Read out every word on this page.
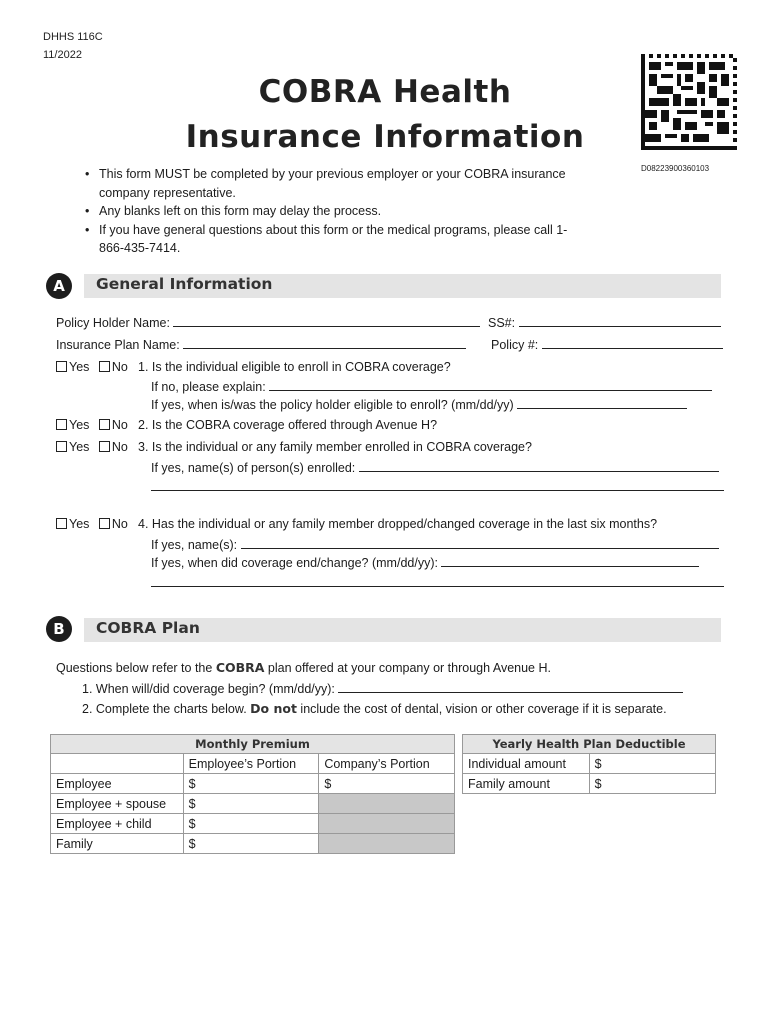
DHHS 116C
11/2022
COBRA Health
Insurance Information
D08223900360103
• This form MUST be completed by your previous employer or your COBRA insurance company representative.
• Any blanks left on this form may delay the process.
• If you have general questions about this form or the medical programs, please call 1-866-435-7414.
A	General Information
Policy Holder Name:	SS#:
Insurance Plan Name:	Policy #:
Yes No 1. Is the individual eligible to enroll in COBRA coverage?
If no, please explain:
If yes, when is/was the policy holder eligible to enroll? (mm/dd/yy)
Yes No 2. Is the COBRA coverage offered through Avenue H?
Yes No 3. Is the individual or any family member enrolled in COBRA coverage?
If yes, name(s) of person(s) enrolled:
Yes No 4. Has the individual or any family member dropped/changed coverage in the last six months?
If yes, name(s):
If yes, when did coverage end/change? (mm/dd/yy):
B	COBRA Plan
Questions below refer to the COBRA plan offered at your company or through Avenue H.
1. When will/did coverage begin? (mm/dd/yy):
2. Complete the charts below. Do not include the cost of dental, vision or other coverage if it is separate.
Monthly Premium		
	Employee’s Portion	Company’s Portion
Employee	$	$
Employee + spouse	$	
Employee + child	$	
Family	$	
Yearly Health Plan Deductible	
Individual amount	$
Family amount	$
